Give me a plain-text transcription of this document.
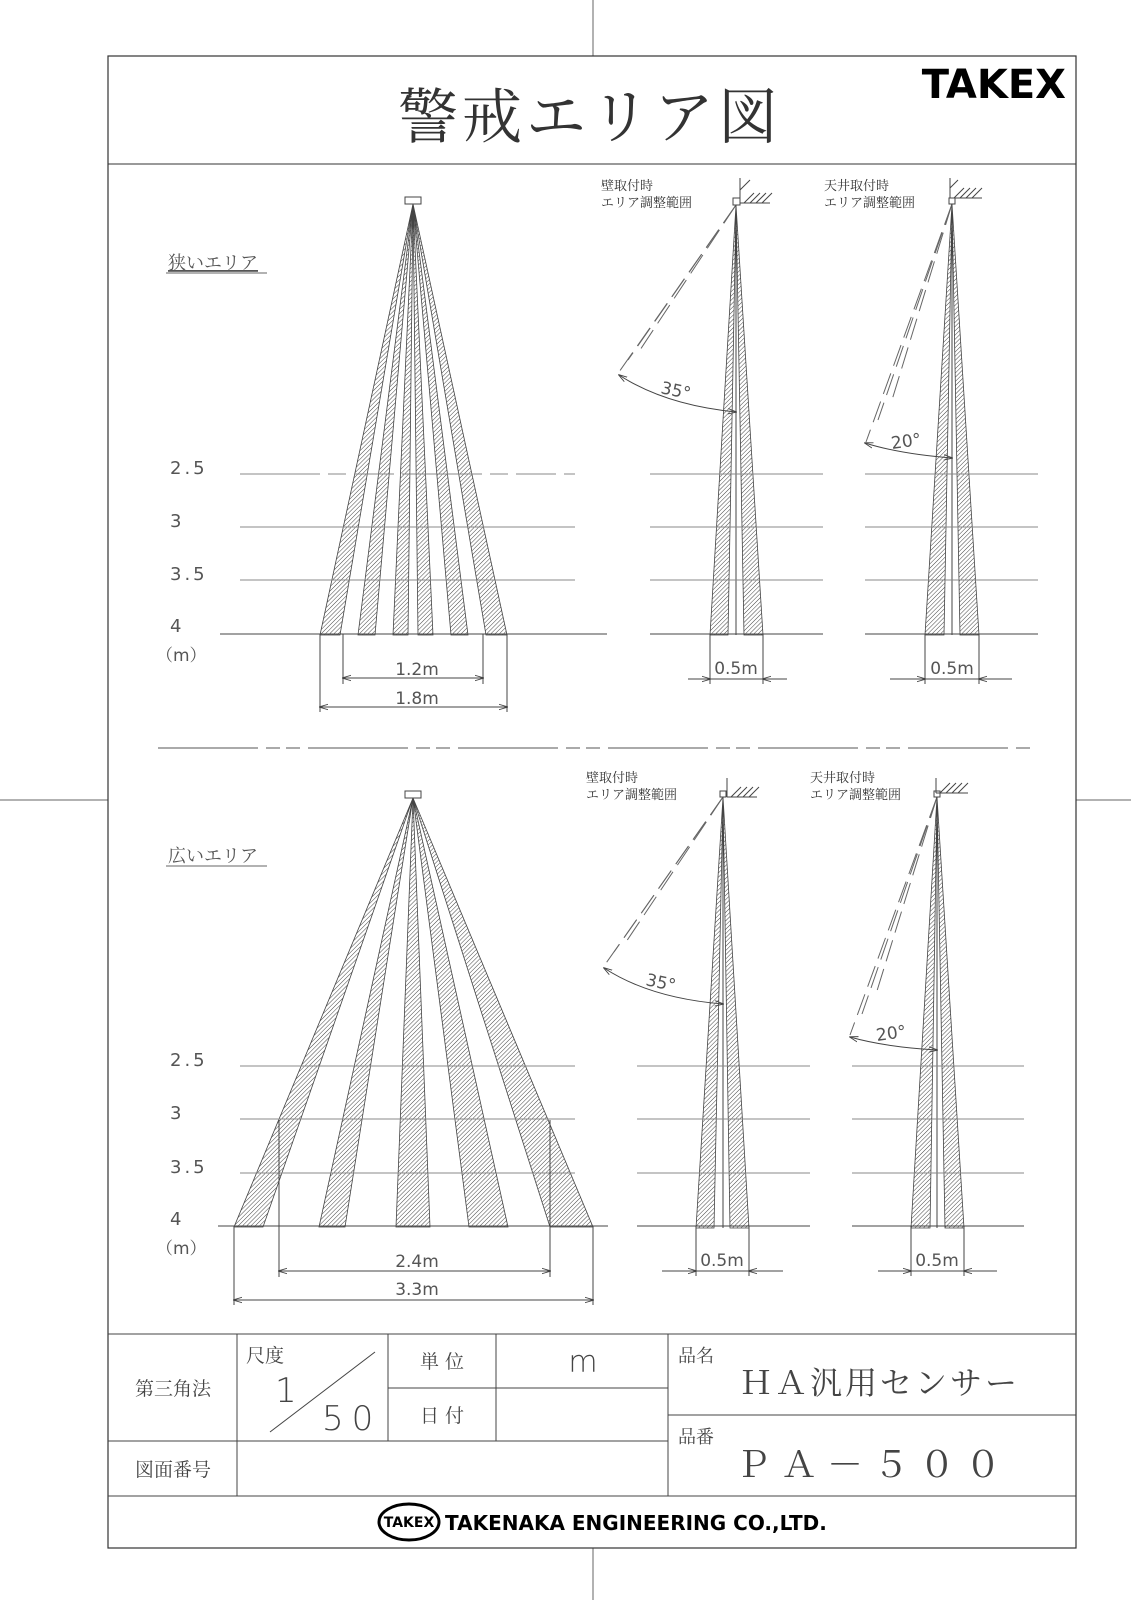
警戒エリア図	TAKEX
狭いエリア
2.5
3
3.5
4
（m）
1.2m
1.8m
壁取付時
エリア調整範囲
35°
0.5m
天井取付時
エリア調整範囲
20°
0.5m
広いエリア
2.5
3
3.5
4
（m）
2.4m
3.3m
壁取付時
エリア調整範囲
35°
0.5m
天井取付時
エリア調整範囲
20°
0.5m
第三角法
尺度
1
50
単 位	m
日 付
品名
ＨＡ汎用センサー
品番
ＰＡ－５００
図面番号
TAKEX TAKENAKA ENGINEERING CO.,LTD.
